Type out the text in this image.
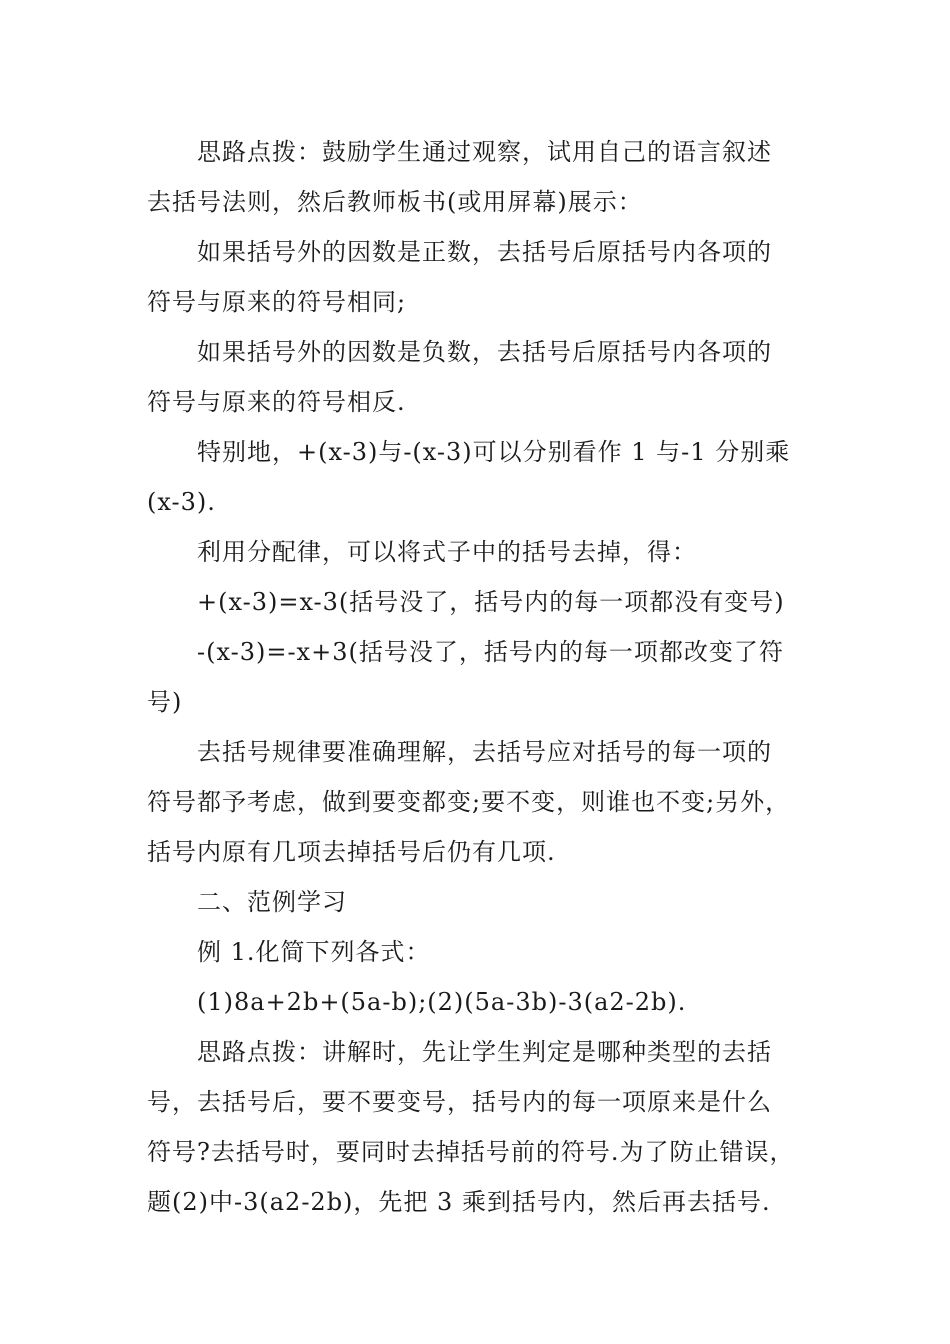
思路点拨：鼓励学生通过观察，试用自己的语言叙述
去括号法则，然后教师板书(或用屏幕)展示：
如果括号外的因数是正数，去括号后原括号内各项的
符号与原来的符号相同;
如果括号外的因数是负数，去括号后原括号内各项的
符号与原来的符号相反.
特别地，+(x-3)与-(x-3)可以分别看作 1 与-1 分别乘
(x-3).
利用分配律，可以将式子中的括号去掉，得：
+(x-3)=x-3(括号没了，括号内的每一项都没有变号)
-(x-3)=-x+3(括号没了，括号内的每一项都改变了符
号)
去括号规律要准确理解，去括号应对括号的每一项的
符号都予考虑，做到要变都变;要不变，则谁也不变;另外，
括号内原有几项去掉括号后仍有几项.
二、范例学习
例 1.化简下列各式：
(1)8a+2b+(5a-b);(2)(5a-3b)-3(a2-2b).
思路点拨：讲解时，先让学生判定是哪种类型的去括
号，去括号后，要不要变号，括号内的每一项原来是什么
符号?去括号时，要同时去掉括号前的符号.为了防止错误，
题(2)中-3(a2-2b)，先把 3 乘到括号内，然后再去括号.
